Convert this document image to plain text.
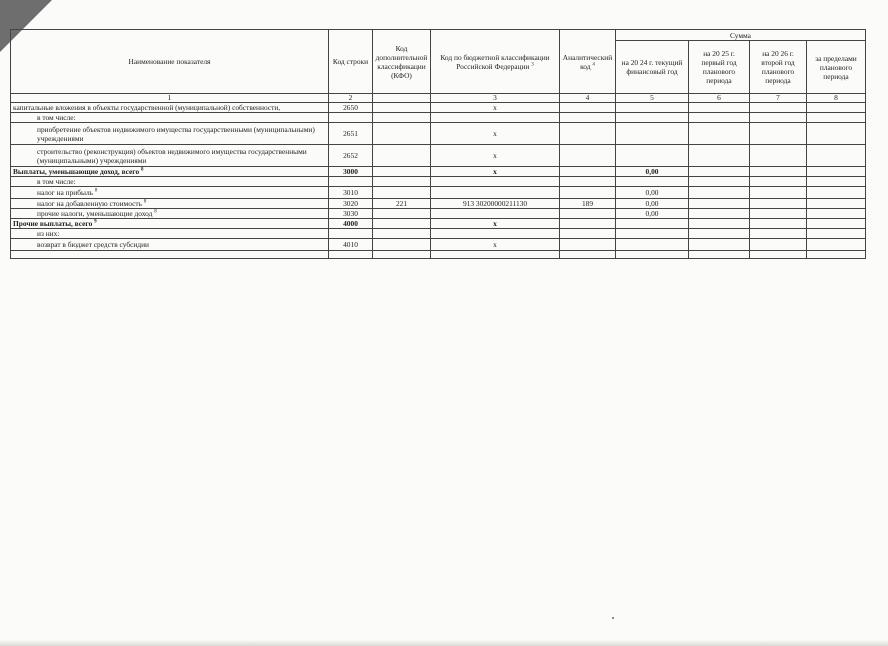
Наименование показателя	Код строки	Код дополнительной классификации (КФО)	Код по бюджетной классификации Российской Федерации $^3$	Аналитический код $^4$	Сумма			
					на 20 24 г. текущий финансовый год	на 20 25 г. первый год планового периода	на 20 26 г. второй год планового периода	за пределами планового периода
1	2		3	4	5	6	7	8
капитальные вложения в объекты государственной (муниципальной) собственности,	2650		x					
в том числе:								
приобретение объектов недвижимого имущества государственными (муниципальными) учреждениями	2651		x					
строительство (реконструкция) объектов недвижимого имущества государственными (муниципальными) учреждениями	2652		x					
Выплаты, уменьшающие доход, всего $^8$	3000		x		0,00			
в том числе:								
налог на прибыль $^8$	3010				0,00			
налог на добавленную стоимость $^8$	3020	221	913 30200000211130	189	0,00			
прочие налоги, уменьшающие доход $^8$	3030				0,00			
Прочие выплаты, всего $^9$	4000		x					
из них:								
возврат в бюджет средств субсидии	4010		x					
